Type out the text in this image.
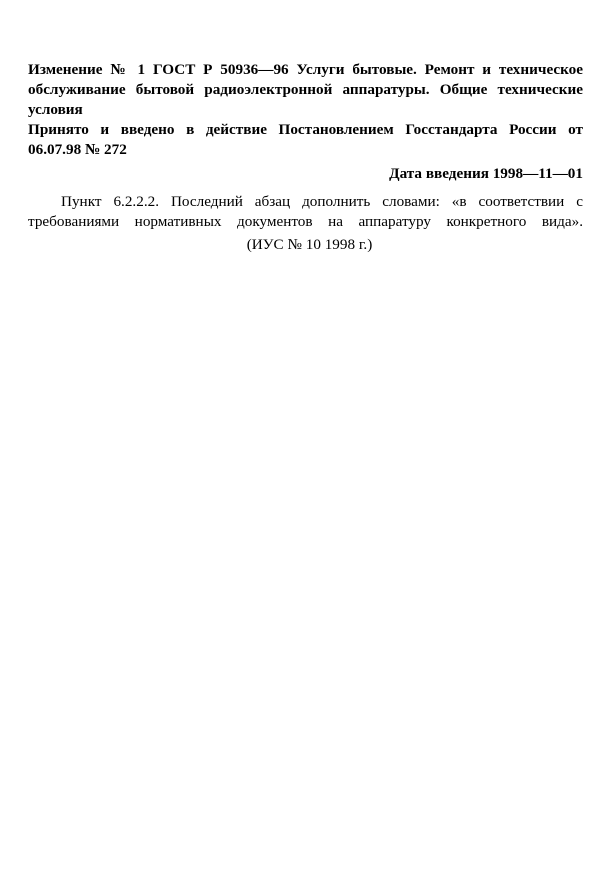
Изменение № 1 ГОСТ Р 50936—96 Услуги бытовые. Ремонт и техническое
обслуживание бытовой радиоэлектронной аппаратуры. Общие технические
условия
Принято и введено в действие Постановлением Госстандарта России от
06.07.98 № 272
Дата введения 1998—11—01
Пункт 6.2.2.2. Последний абзац дополнить словами: «в соответствии с
требованиями нормативных документов на аппаратуру конкретного вида».
(ИУС № 10 1998 г.)
